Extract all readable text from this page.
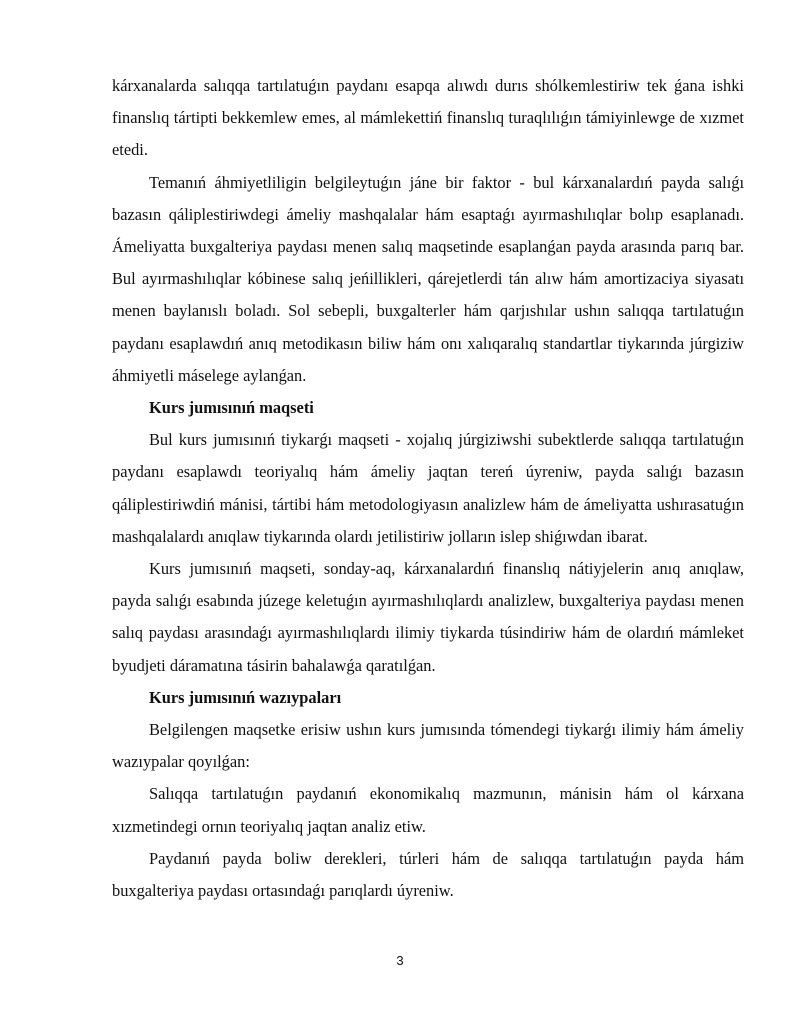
kárxanalarda salıqqa tartılatuǵın paydanı esapqa alıwdı durıs shólkemlestiriw tek ǵana ishki finanslıq tártipti bekkemlew emes, al mámlekettiń finanslıq turaqlılıǵın támiyinlewge de xızmet etedi.

Temanıń áhmiyetliligin belgileytuǵın jáne bir faktor - bul kárxanalardıń payda salıǵı bazasın qáliplestiriwdegi ámeliy mashqalalar hám esaptaǵı ayırmashılıqlar bolıp esaplanadı. Ámeliyatta buxgalteriya paydası menen salıq maqsetinde esaplanǵan payda arasında parıq bar. Bul ayırmashılıqlar kóbinese salıq jeńillikleri, qárejetlerdi tán alıw hám amortizaciya siyasatı menen baylanıslı boladı. Sol sebepli, buxgalterler hám qarjıshılar ushın salıqqa tartılatuǵın paydanı esaplawdıń anıq metodikasın biliw hám onı xalıqaralıq standartlar tiykarında júrgiziw áhmiyetli máselege aylanǵan.

Kurs jumısınıń maqseti

Bul kurs jumısınıń tiykarǵı maqseti - xojalıq júrgiziwshi subektlerde salıqqa tartılatuǵın paydanı esaplawdı teoriyalıq hám ámeliy jaqtan tereń úyreniw, payda salıǵı bazasın qáliplestiriwdiń mánisi, tártibi hám metodologiyasın analizlew hám de ámeliyatta ushırasatuǵın mashqalalardı anıqlaw tiykarında olardı jetilistiriw jolların islep shiǵıwdan ibarat.

Kurs jumısınıń maqseti, sonday-aq, kárxanalardıń finanslıq nátiyjelerin anıq anıqlaw, payda salıǵı esabında júzege keletuǵın ayırmashılıqlardı analizlew, buxgalteriya paydası menen salıq paydası arasındaǵı ayırmashılıqlardı ilimiy tiykarda túsindiriw hám de olardıń mámleket byudjeti dáramatına tásirin bahalawǵa qaratılǵan.

Kurs jumısınıń wazıypaları

Belgilengen maqsetke erisiw ushın kurs jumısında tómendegi tiykarǵı ilimiy hám ámeliy wazıypalar qoyılǵan:

Salıqqa tartılatuǵın paydanıń ekonomikalıq mazmunın, mánisin hám ol kárxana xızmetindegi ornın teoriyalıq jaqtan analiz etiw.

Paydanıń payda boliw derekleri, túrleri hám de salıqqa tartılatuǵın payda hám buxgalteriya paydası ortasındaǵı parıqlardı úyreniw.

3
